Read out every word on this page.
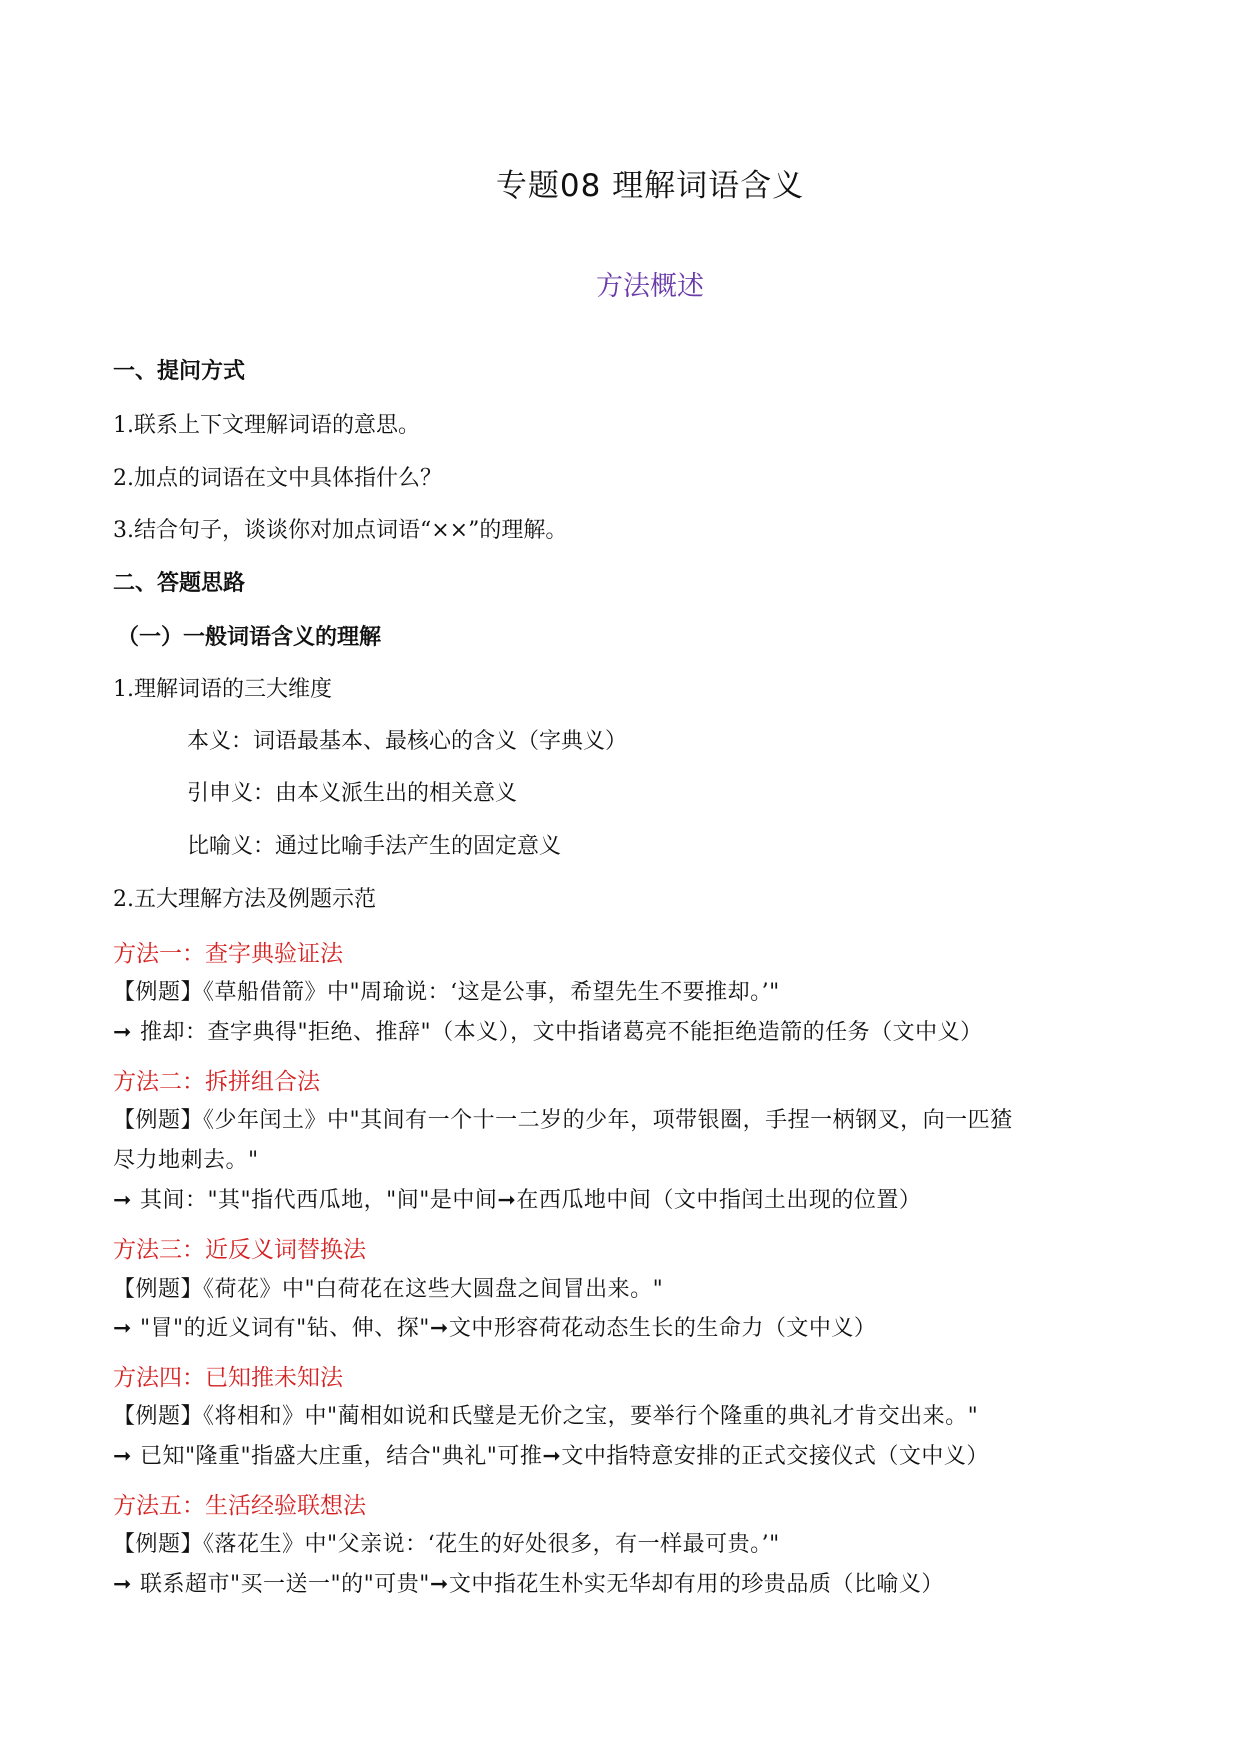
专题08 理解词语含义
方法概述
一、提问方式
1.联系上下文理解词语的意思。
2.加点的词语在文中具体指什么？
3.结合句子，谈谈你对加点词语“××”的理解。
二、答题思路
（一）一般词语含义的理解
1.理解词语的三大维度
本义：词语最基本、最核心的含义（字典义）
引申义：由本义派生出的相关意义
比喻义：通过比喻手法产生的固定意义
2.五大理解方法及例题示范
方法一：查字典验证法
【例题】《草船借箭》中"周瑜说：‘这是公事，希望先生不要推却。’"
➞ 推却：查字典得"拒绝、推辞"（本义），文中指诸葛亮不能拒绝造箭的任务（文中义）
方法二：拆拼组合法
【例题】《少年闰土》中"其间有一个十一二岁的少年，项带银圈，手捏一柄钢叉，向一匹猹
尽力地刺去。"
➞ 其间："其"指代西瓜地，"间"是中间➞在西瓜地中间（文中指闰土出现的位置）
方法三：近反义词替换法
【例题】《荷花》中"白荷花在这些大圆盘之间冒出来。"
➞ "冒"的近义词有"钻、伸、探"➞文中形容荷花动态生长的生命力（文中义）
方法四：已知推未知法
【例题】《将相和》中"蔺相如说和氏璧是无价之宝，要举行个隆重的典礼才肯交出来。"
➞ 已知"隆重"指盛大庄重，结合"典礼"可推➞文中指特意安排的正式交接仪式（文中义）
方法五：生活经验联想法
【例题】《落花生》中"父亲说：‘花生的好处很多，有一样最可贵。’"
➞ 联系超市"买一送一"的"可贵"➞文中指花生朴实无华却有用的珍贵品质（比喻义）
